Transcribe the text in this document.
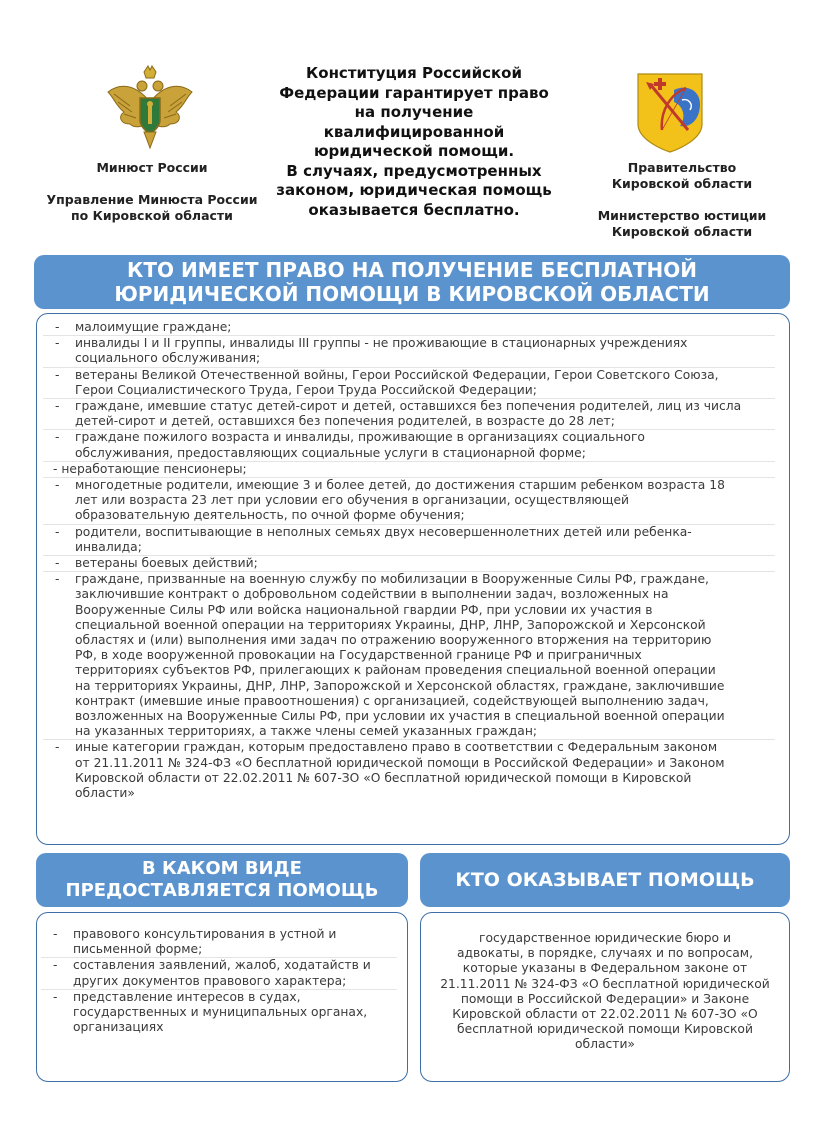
Минюст России
Управление Минюста России
по Кировской области
Конституция Российской
Федерации гарантирует право
на получение
квалифицированной
юридической помощи.
В случаях, предусмотренных
законом, юридическая помощь
оказывается бесплатно.
Правительство
Кировской области
Министерство юстиции
Кировской области
КТО ИМЕЕТ ПРАВО НА ПОЛУЧЕНИЕ БЕСПЛАТНОЙ
ЮРИДИЧЕСКОЙ ПОМОЩИ В КИРОВСКОЙ ОБЛАСТИ
- малоимущие граждане;
- инвалиды I и II группы, инвалиды III группы - не проживающие в стационарных учреждениях
социального обслуживания;
- ветераны Великой Отечественной войны, Герои Российской Федерации, Герои Советского Союза,
Герои Социалистического Труда, Герои Труда Российской Федерации;
- граждане, имевшие статус детей-сирот и детей, оставшихся без попечения родителей, лиц из числа
детей-сирот и детей, оставшихся без попечения родителей, в возрасте до 28 лет;
- граждане пожилого возраста и инвалиды, проживающие в организациях социального
обслуживания, предоставляющих социальные услуги в стационарной форме;
- неработающие пенсионеры;
- многодетные родители, имеющие 3 и более детей, до достижения старшим ребенком возраста 18
лет или возраста 23 лет при условии его обучения в организации, осуществляющей
образовательную деятельность, по очной форме обучения;
- родители, воспитывающие в неполных семьях двух несовершеннолетних детей или ребенка-
инвалида;
- ветераны боевых действий;
- граждане, призванные на военную службу по мобилизации в Вооруженные Силы РФ, граждане,
заключившие контракт о добровольном содействии в выполнении задач, возложенных на
Вооруженные Силы РФ или войска национальной гвардии РФ, при условии их участия в
специальной военной операции на территориях Украины, ДНР, ЛНР, Запорожской и Херсонской
областях и (или) выполнения ими задач по отражению вооруженного вторжения на территорию
РФ, в ходе вооруженной провокации на Государственной границе РФ и приграничных
территориях субъектов РФ, прилегающих к районам проведения специальной военной операции
на территориях Украины, ДНР, ЛНР, Запорожской и Херсонской областях, граждане, заключившие
контракт (имевшие иные правоотношения) с организацией, содействующей выполнению задач,
возложенных на Вооруженные Силы РФ, при условии их участия в специальной военной операции
на указанных территориях, а также члены семей указанных граждан;
- иные категории граждан, которым предоставлено право в соответствии с Федеральным законом
от 21.11.2011 № 324-ФЗ «О бесплатной юридической помощи в Российской Федерации» и Законом
Кировской области от 22.02.2011 № 607-ЗО «О бесплатной юридической помощи в Кировской
области»
В КАКОМ ВИДЕ
ПРЕДОСТАВЛЯЕТСЯ ПОМОЩЬ
- правового консультирования в устной и
письменной форме;
- составления заявлений, жалоб, ходатайств и
других документов правового характера;
- представление интересов в судах,
государственных и муниципальных органах,
организациях
КТО ОКАЗЫВАЕТ ПОМОЩЬ
государственное юридические бюро и
адвокаты, в порядке, случаях и по вопросам,
которые указаны в Федеральном законе от
21.11.2011 № 324-ФЗ «О бесплатной юридической
помощи в Российской Федерации» и Законе
Кировской области от 22.02.2011 № 607-ЗО «О
бесплатной юридической помощи Кировской
области»
